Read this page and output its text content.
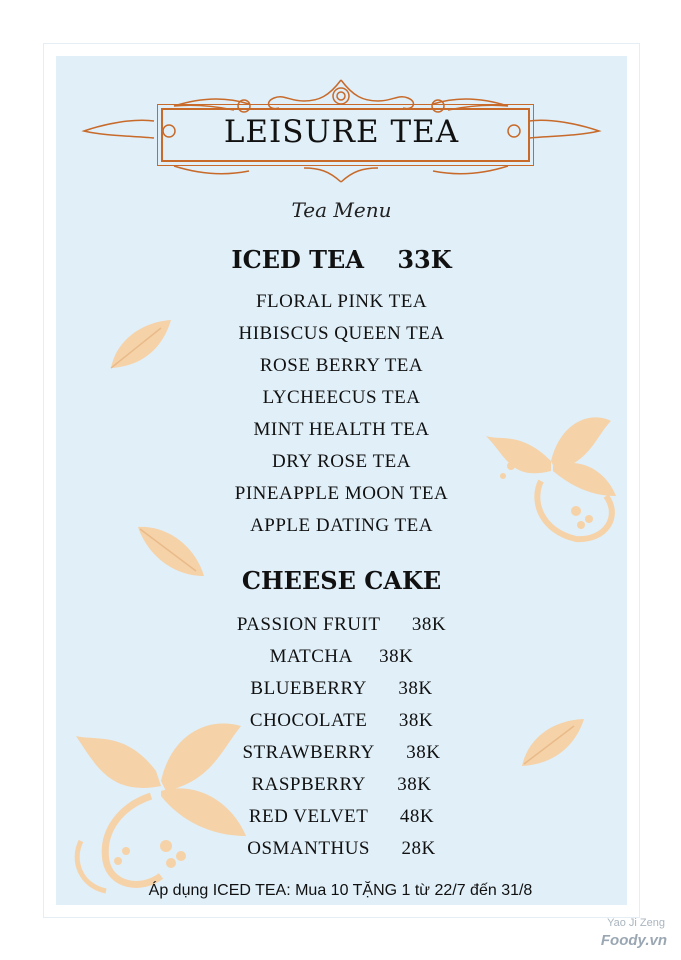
LEISURE TEA
Tea Menu
ICED TEA    33K
FLORAL PINK TEA
HIBISCUS QUEEN TEA
ROSE BERRY TEA
LYCHEECUS TEA
MINT HEALTH TEA
DRY ROSE TEA
PINEAPPLE MOON TEA
APPLE DATING TEA
CHEESE CAKE
PASSION FRUIT 38K
MATCHA 38K
BLUEBERRY 38K
CHOCOLATE 38K
STRAWBERRY 38K
RASPBERRY 38K
RED VELVET 48K
OSMANTHUS 28K
Áp dụng ICED TEA: Mua 10 TẶNG 1 từ 22/7 đến 31/8
Yao Ji Zeng
Foody.vn
